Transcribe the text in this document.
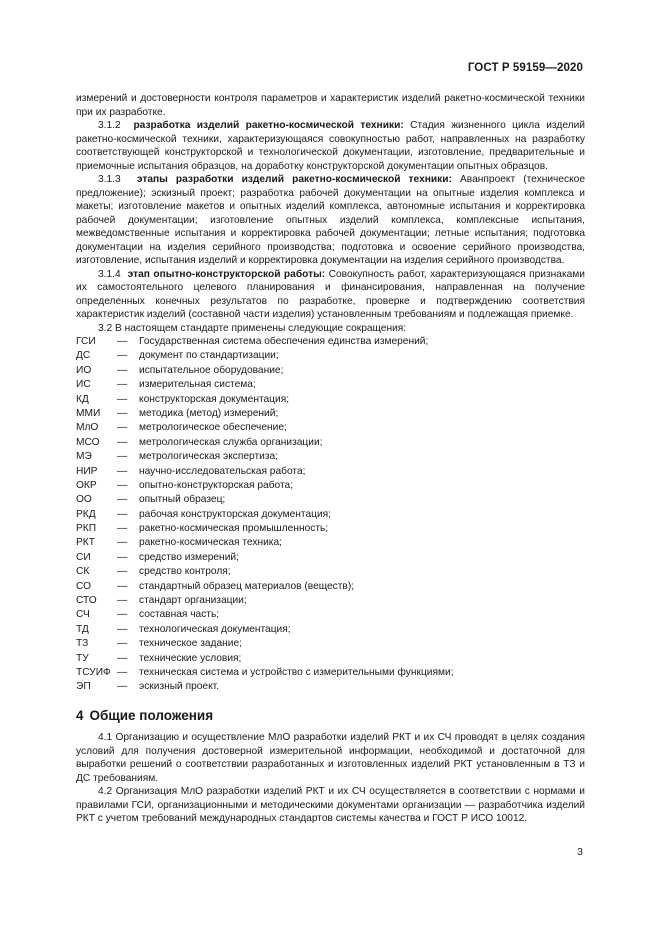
ГОСТ Р 59159—2020

измерений и достоверности контроля параметров и характеристик изделий ракетно-космической техники при их разработке.

3.1.2 разработка изделий ракетно-космической техники: Стадия жизненного цикла изделий ракетно-космической техники, характеризующаяся совокупностью работ, направленных на разработку соответствующей конструкторской и технологической документации, изготовление, предварительные и приемочные испытания образцов, на доработку конструкторской документации опытных образцов.

3.1.3 этапы разработки изделий ракетно-космической техники: Аванпроект (техническое предложение); эскизный проект; разработка рабочей документации на опытные изделия комплекса и макеты; изготовление макетов и опытных изделий комплекса, автономные испытания и корректировка рабочей документации; изготовление опытных изделий комплекса, комплексные испытания, межведомственные испытания и корректировка рабочей документации; летные испытания; подготовка документации на изделия серийного производства; подготовка и освоение серийного производства, изготовление, испытания изделий и корректировка документации на изделия серийного производства.

3.1.4 этап опытно-конструкторской работы: Совокупность работ, характеризующаяся признаками их самостоятельного целевого планирования и финансирования, направленная на получение определенных конечных результатов по разработке, проверке и подтверждению соответствия характеристик изделий (составной части изделия) установленным требованиям и подлежащая приемке.

3.2 В настоящем стандарте применены следующие сокращения:

ГСИ	—	Государственная система обеспечения единства измерений;
ДС	—	документ по стандартизации;
ИО	—	испытательное оборудование;
ИС	—	измерительная система;
КД	—	конструкторская документация;
ММИ	—	методика (метод) измерений;
МлО	—	метрологическое обеспечение;
МСО	—	метрологическая служба организации;
МЭ	—	метрологическая экспертиза;
НИР	—	научно-исследовательская работа;
ОКР	—	опытно-конструкторская работа;
ОО	—	опытный образец;
РКД	—	рабочая конструкторская документация;
РКП	—	ракетно-космическая промышленность;
РКТ	—	ракетно-космическая техника;
СИ	—	средство измерений;
СК	—	средство контроля;
СО	—	стандартный образец материалов (веществ);
СТО	—	стандарт организации;
СЧ	—	составная часть;
ТД	—	технологическая документация;
ТЗ	—	техническое задание;
ТУ	—	технические условия;
ТСУИФ —	техническая система и устройство с измерительными функциями;
ЭП	—	эскизный проект.
4 Общие положения

4.1 Организацию и осуществление МлО разработки изделий РКТ и их СЧ проводят в целях создания условий для получения достоверной измерительной информации, необходимой и достаточной для выработки решений о соответствии разработанных и изготовленных изделий РКТ установленным в ТЗ и ДС требованиям.

4.2 Организация МлО разработки изделий РКТ и их СЧ осуществляется в соответствии с нормами и правилами ГСИ, организационными и методическими документами организации — разработчика изделий РКТ с учетом требований международных стандартов системы качества и ГОСТ Р ИСО 10012.

3
